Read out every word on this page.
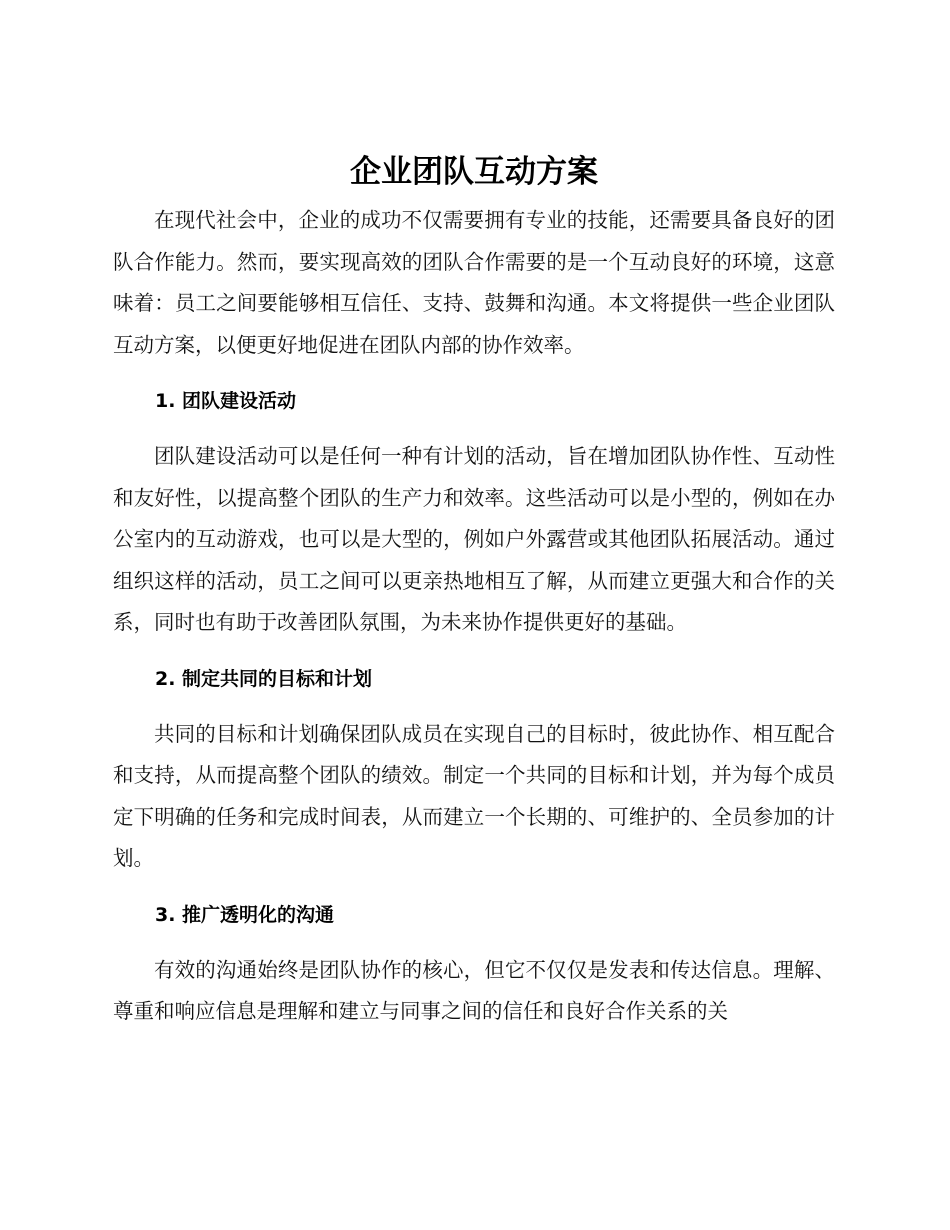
企业团队互动方案

在现代社会中，企业的成功不仅需要拥有专业的技能，还需要具备良好的团队合作能力。然而，要实现高效的团队合作需要的是一个互动良好的环境，这意味着：员工之间要能够相互信任、支持、鼓舞和沟通。本文将提供一些企业团队互动方案，以便更好地促进在团队内部的协作效率。

1. 团队建设活动

团队建设活动可以是任何一种有计划的活动，旨在增加团队协作性、互动性和友好性，以提高整个团队的生产力和效率。这些活动可以是小型的，例如在办公室内的互动游戏，也可以是大型的，例如户外露营或其他团队拓展活动。通过组织这样的活动，员工之间可以更亲热地相互了解，从而建立更强大和合作的关系，同时也有助于改善团队氛围，为未来协作提供更好的基础。

2. 制定共同的目标和计划

共同的目标和计划确保团队成员在实现自己的目标时，彼此协作、相互配合和支持，从而提高整个团队的绩效。制定一个共同的目标和计划，并为每个成员定下明确的任务和完成时间表，从而建立一个长期的、可维护的、全员参加的计划。

3. 推广透明化的沟通

有效的沟通始终是团队协作的核心，但它不仅仅是发表和传达信息。理解、尊重和响应信息是理解和建立与同事之间的信任和良好合作关系的关
